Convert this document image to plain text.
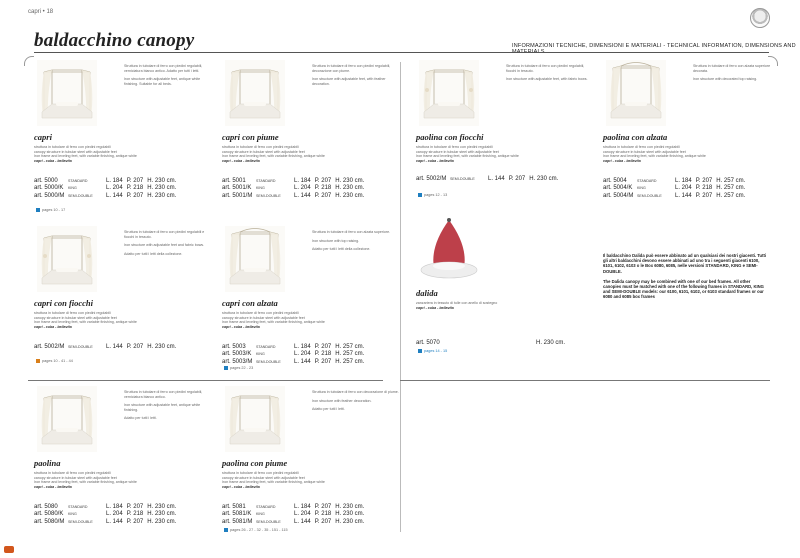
capri • 18
baldacchino canopy	INFORMAZIONI TECNICHE, DIMENSIONI E MATERIALI - TECHNICAL INFORMATION, DIMENSIONS AND

Struttura in tubolare di ferro con piedini regolabili, verniciatura bianco antico. Adatto per tutti i letti.

Iron structure with adjustable feet, antique white finishing. Suitable for all beds.

capri

struttura in tubolare di ferro con piedini regolabili

canopy structure in tubular steel with adjustable feet

Iron frame and leveling feet, with variable finishing, antique white

capri - cuba - bellavita

art. 5000	STANDARD	L. 184	P. 207	H. 230 cm.
art. 5000/K	KING	L. 204	P. 218	H. 230 cm.
art. 5000/M	SEMI-DOUBLE	L. 144	P. 207	H. 230 cm.
pages 10 - 17

Struttura in tubolare di ferro con piedini regolabili, decorazione con piume.

Iron structure with adjustable feet, with feather decoration.

capri con piume

struttura in tubolare di ferro con piedini regolabili

canopy structure in tubular steel with adjustable feet

Iron frame and leveling feet, with variable finishing, antique white

capri - cuba - bellavita

art. 5001	STANDARD	L. 184	P. 207	H. 230 cm.
art. 5001/K	KING	L. 204	P. 218	H. 230 cm.
art. 5001/M	SEMI-DOUBLE	L. 144	P. 207	H. 230 cm.

Struttura in tubolare di ferro con piedini regolabili, fiocchi in tessuto.

Iron structure with adjustable feet, with fabric bows.

paolina con fiocchi

struttura in tubolare di ferro con piedini regolabili

canopy structure in tubular steel with adjustable feet

Iron frame and leveling feet, with variable finishing, antique white

capri - cuba - bellavita

art. 5002/M	SEMI-DOUBLE	L. 144	P. 207	H. 230 cm.
pages 12 - 13

Struttura in tubolare di ferro con alzata superiore decorata.

Iron structure with decorated top raising.

paolina con alzata

struttura in tubolare di ferro con piedini regolabili

canopy structure in tubular steel with adjustable feet

Iron frame and leveling feet, with variable finishing, antique white

capri - cuba - bellavita

art. 5004	STANDARD	L. 184	P. 207	H. 257 cm.
art. 5004/K	KING	L. 204	P. 218	H. 257 cm.
art. 5004/M	SEMI-DOUBLE	L. 144	P. 207	H. 257 cm.

Struttura in tubolare di ferro con piedini regolabili e fiocchi in tessuto.

Iron structure with adjustable feet and fabric bows.

Adatto per tutti i letti della collezione.

capri con fiocchi

struttura in tubolare di ferro con piedini regolabili

canopy structure in tubular steel with adjustable feet

Iron frame and leveling feet, with variable finishing, antique white

capri - cuba - bellavita

art. 5002/M	SEMI-DOUBLE	L. 144	P. 207	H. 230 cm.
pages 10 - 41 - 44

Struttura in tubolare di ferro con alzata superiore.

Iron structure with top raising.

Adatto per tutti i letti della collezione.

capri con alzata

struttura in tubolare di ferro con piedini regolabili

canopy structure in tubular steel with adjustable feet

Iron frame and leveling feet, with variable finishing, antique white

capri - cuba - bellavita

art. 5003	STANDARD	L. 184	P. 207	H. 257 cm.
art. 5003/K	KING	L. 204	P. 218	H. 257 cm.
art. 5003/M	SEMI-DOUBLE	L. 144	P. 207	H. 257 cm.
pages 22 - 23
dalida

zanzariera in tessuto di tulle con anello di sostegno

capri - cuba - bellavita

art. 5070				H. 230 cm.
pages 14 - 15

Struttura in tubolare di ferro con piedini regolabili, verniciatura bianco antico.

Iron structure with adjustable feet, antique white finishing.

Adatto per tutti i letti.

paolina

struttura in tubolare di ferro con piedini regolabili

canopy structure in tubular steel with adjustable feet

Iron frame and leveling feet, with variable finishing, antique white

capri - cuba - bellavita

art. 5080	STANDARD	L. 184	P. 207	H. 230 cm.
art. 5080/K	KING	L. 204	P. 218	H. 230 cm.
art. 5080/M	SEMI-DOUBLE	L. 144	P. 207	H. 230 cm.

Struttura in tubolare di ferro con decorazione di piume.

Iron structure with feather decoration.

Adatto per tutti i letti.

paolina con piume

struttura in tubolare di ferro con piedini regolabili

canopy structure in tubular steel with adjustable feet

Iron frame and leveling feet, with variable finishing, antique white

capri - cuba - bellavita

art. 5081	STANDARD	L. 184	P. 207	H. 230 cm.
art. 5081/K	KING	L. 204	P. 218	H. 230 cm.
art. 5081/M	SEMI-DOUBLE	L. 144	P. 207	H. 230 cm.
pages 26 - 27 - 32 - 35 - 151 - 115

Il baldacchino Dalida può essere abbinato ad un qualsiasi dei nostri giacenti. Tutti gli altri baldacchini devono essere abbinati ad uno tra i seguenti giacenti 6100, 6101, 6102, 6103 o le Box 6080, 6085, nelle versioni STANDARD, KING e SEMI-DOUBLE.

The Dalida canopy may be combined with one of our bed frames. All other canopies must be matched with one of the following frames in STANDARD, KING and SEMI-DOUBLE models: our 6100, 6101, 6102, or 6103 standard frames or our 6080 and 6085 box frames
